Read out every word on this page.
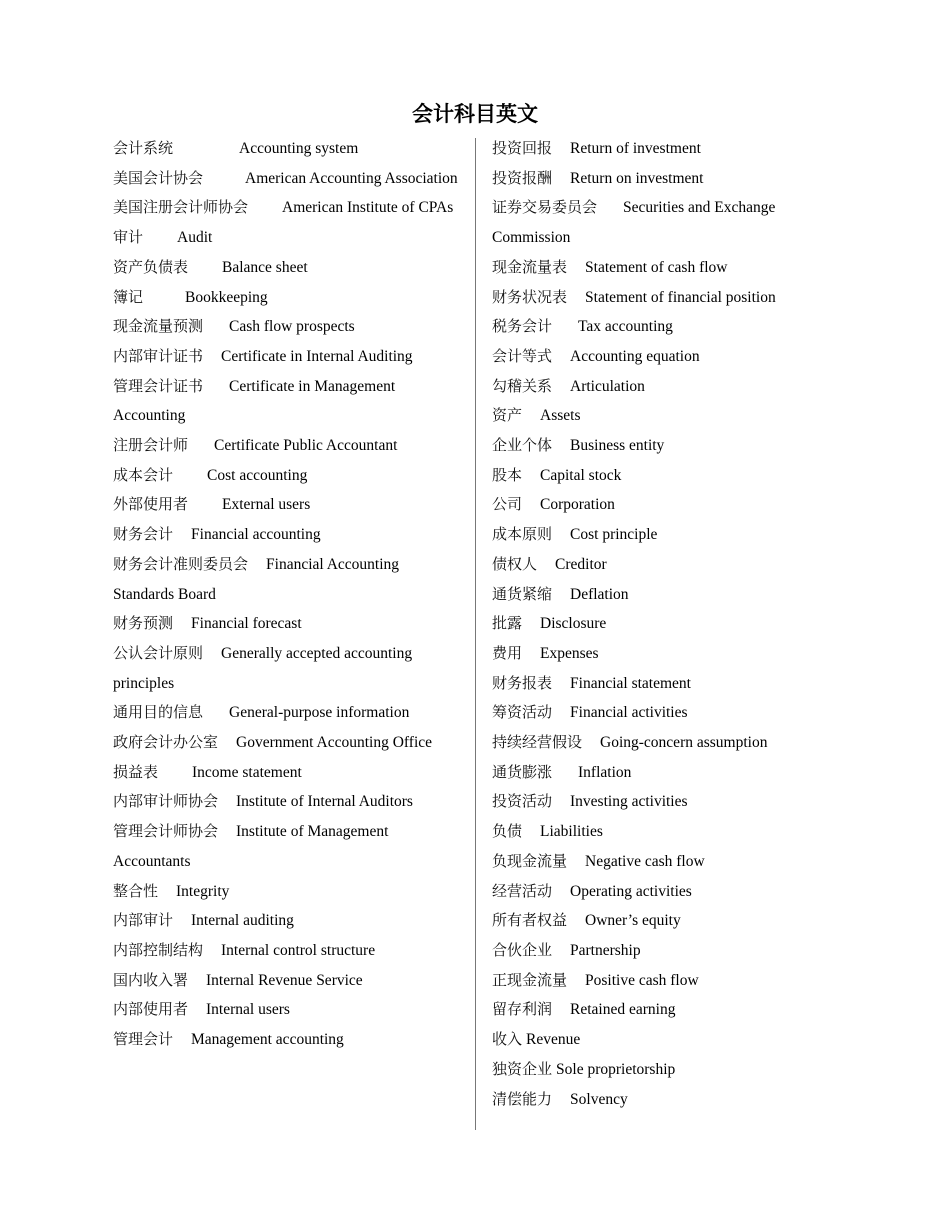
会计科目英文
会计系统	Accounting system
美国会计协会	American Accounting Association
美国注册会计师协会 American Institute of CPAs
审计 Audit
资产负债表 Balance sheet
簿记	Bookkeeping
现金流量预测 Cash flow prospects
内部审计证书 Certificate in Internal Auditing
管理会计证书 Certificate in Management Accounting
注册会计师 Certificate Public Accountant
成本会计 Cost accounting
外部使用者 External users
财务会计 Financial accounting
财务会计准则委员会 Financial Accounting Standards Board
财务预测 Financial forecast
公认会计原则 Generally accepted accounting principles
通用目的信息 General-purpose information
政府会计办公室 Government Accounting Office
损益表 Income statement
内部审计师协会 Institute of Internal Auditors
管理会计师协会 Institute of Management Accountants
整合性 Integrity
内部审计 Internal auditing
内部控制结构 Internal control structure
国内收入署 Internal Revenue Service
内部使用者 Internal users
管理会计 Management accounting
投资回报 Return of investment
投资报酬 Return on investment
证券交易委员会 Securities and Exchange Commission
现金流量表 Statement of cash flow
财务状况表 Statement of financial position
税务会计 Tax accounting
会计等式 Accounting equation
勾稽关系 Articulation
资产 Assets
企业个体 Business entity
股本 Capital stock
公司 Corporation
成本原则 Cost principle
债权人 Creditor
通货紧缩 Deflation
批露 Disclosure
费用 Expenses
财务报表 Financial statement
筹资活动 Financial activities
持续经营假设 Going-concern assumption
通货膨涨 Inflation
投资活动 Investing activities
负债 Liabilities
负现金流量 Negative cash flow
经营活动 Operating activities
所有者权益 Owner’s equity
合伙企业 Partnership
正现金流量 Positive cash flow
留存利润 Retained earning
收入 Revenue
独资企业 Sole proprietorship
清偿能力 Solvency
